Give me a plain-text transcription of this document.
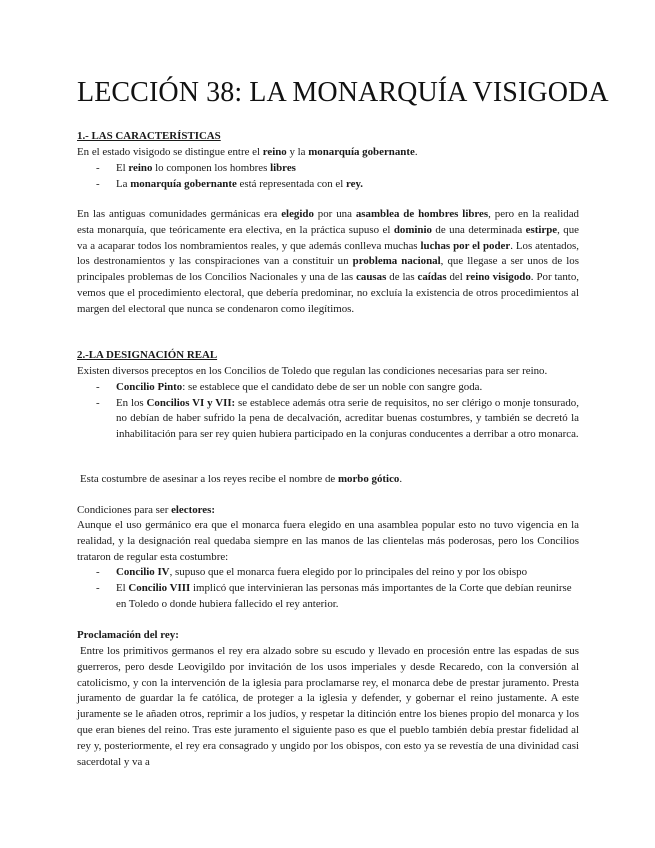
LECCIÓN 38: LA MONARQUÍA VISIGODA
1.- LAS CARACTERÍSTICAS

En el estado visigodo se distingue entre el reino y la monarquía gobernante.

- El reino lo componen los hombres libres
- La monarquía gobernante está representada con el rey.
En las antiguas comunidades germánicas era elegido por una asamblea de hombres libres, pero en la realidad esta monarquía, que teóricamente era electiva, en la práctica supuso el dominio de una determinada estirpe, que va a acaparar todos los nombramientos reales, y que además conlleva muchas luchas por el poder. Los atentados, los destronamientos y las conspiraciones van a constituir un problema nacional, que llegase a ser unos de los principales problemas de los Concilios Nacionales y una de las causas de las caídas del reino visigodo. Por tanto, vemos que el procedimiento electoral, que debería predominar, no excluía la existencia de otros procedimientos al margen del electoral que nunca se condenaron como ilegítimos.
2.-LA DESIGNACIÓN REAL

Existen diversos preceptos en los Concilios de Toledo que regulan las condiciones necesarias para ser reino.

- Concilio Pinto: se establece que el candidato debe de ser un noble con sangre goda.
- En los Concilios VI y VII: se establece además otra serie de requisitos, no ser clérigo o monje tonsurado, no debían de haber sufrido la pena de decalvación, acreditar buenas costumbres, y también se decretó la inhabilitación para ser rey quien hubiera participado en la conjuras conducentes a derribar a otro monarca.
Esta costumbre de asesinar a los reyes recibe el nombre de morbo gótico.
Condiciones para ser electores:

Aunque el uso germánico era que el monarca fuera elegido en una asamblea popular esto no tuvo vigencia en la realidad, y la designación real quedaba siempre en las manos de las clientelas más poderosas, pero los Concilios trataron de regular esta costumbre:

- Concilio IV, supuso que el monarca fuera elegido por lo principales del reino y por los obispo
- El Concilio VIII implicó que intervinieran las personas más importantes de la Corte que debían reunirse en Toledo o donde hubiera fallecido el rey anterior.
Proclamación del rey:
Entre los primitivos germanos el rey era alzado sobre su escudo y llevado en procesión entre las espadas de sus guerreros, pero desde Leovigildo por invitación de los usos imperiales y desde Recaredo, con la conversión al catolicismo, y con la intervención de la iglesia para proclamarse rey, el monarca debe de prestar juramento. Presta juramento de guardar la fe católica, de proteger a la iglesia y defender, y gobernar el reino justamente. A este juramente se le añaden otros, reprimir a los judíos, y respetar la ditinción entre los bienes propio del monarca y los que eran bienes del reino. Tras este juramento el siguiente paso es que el pueblo también debía prestar fidelidad al rey y, posteriormente, el rey era consagrado y ungido por los obispos, con esto ya se revestía de una divinidad casi sacerdotal y va a
